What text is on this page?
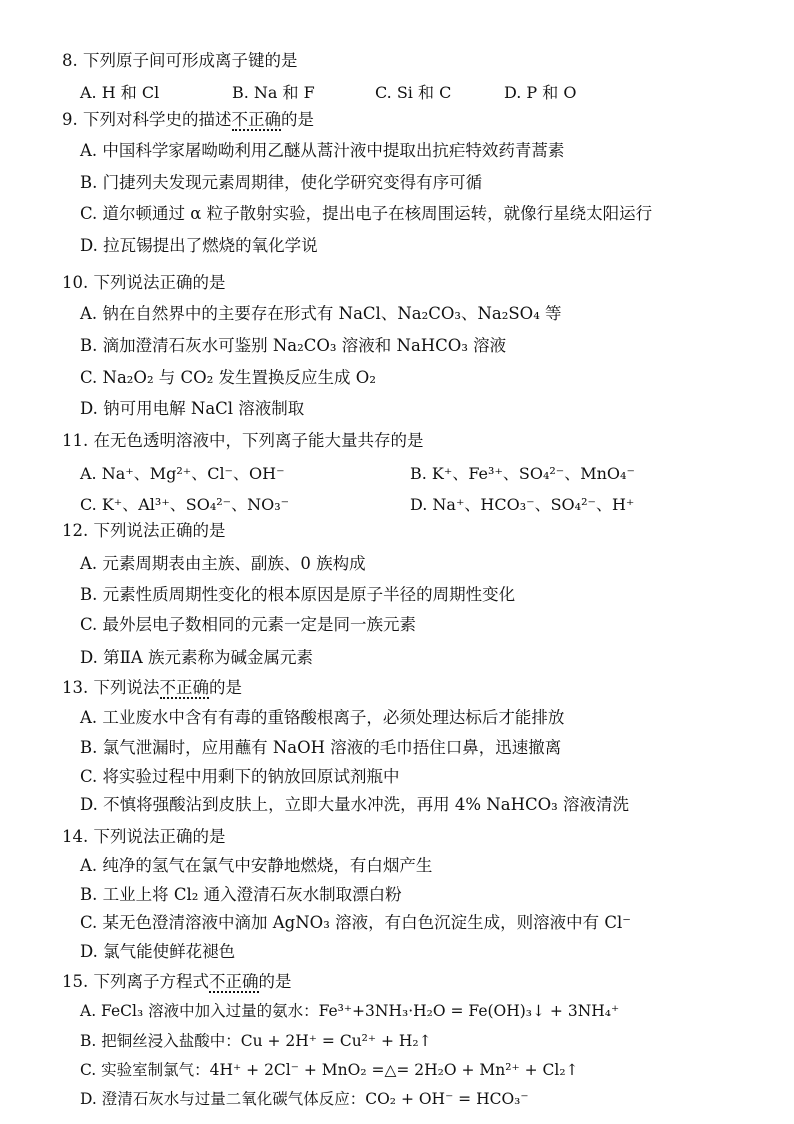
8. 下列原子间可形成离子键的是
A. H 和 Cl	B. Na 和 F	C. Si 和 C	D. P 和 O
9. 下列对科学史的描述不正确的是
A. 中国科学家屠呦呦利用乙醚从蒿汁液中提取出抗疟特效药青蒿素
B. 门捷列夫发现元素周期律，使化学研究变得有序可循
C. 道尔顿通过 α 粒子散射实验，提出电子在核周围运转，就像行星绕太阳运行
D. 拉瓦锡提出了燃烧的氧化学说
10. 下列说法正确的是
A. 钠在自然界中的主要存在形式有 NaCl、Na₂CO₃、Na₂SO₄ 等
B. 滴加澄清石灰水可鉴别 Na₂CO₃ 溶液和 NaHCO₃ 溶液
C. Na₂O₂ 与 CO₂ 发生置换反应生成 O₂
D. 钠可用电解 NaCl 溶液制取
11. 在无色透明溶液中，下列离子能大量共存的是
A. Na⁺、Mg²⁺、Cl⁻、OH⁻	B. K⁺、Fe³⁺、SO₄²⁻、MnO₄⁻
C. K⁺、Al³⁺、SO₄²⁻、NO₃⁻	D. Na⁺、HCO₃⁻、SO₄²⁻、H⁺
12. 下列说法正确的是
A. 元素周期表由主族、副族、0 族构成
B. 元素性质周期性变化的根本原因是原子半径的周期性变化
C. 最外层电子数相同的元素一定是同一族元素
D. 第ⅡA 族元素称为碱金属元素
13. 下列说法不正确的是
A. 工业废水中含有有毒的重铬酸根离子，必须处理达标后才能排放
B. 氯气泄漏时，应用蘸有 NaOH 溶液的毛巾捂住口鼻，迅速撤离
C. 将实验过程中用剩下的钠放回原试剂瓶中
D. 不慎将强酸沾到皮肤上，立即大量水冲洗，再用 4% NaHCO₃ 溶液清洗
14. 下列说法正确的是
A. 纯净的氢气在氯气中安静地燃烧，有白烟产生
B. 工业上将 Cl₂ 通入澄清石灰水制取漂白粉
C. 某无色澄清溶液中滴加 AgNO₃ 溶液，有白色沉淀生成，则溶液中有 Cl⁻
D. 氯气能使鲜花褪色
15. 下列离子方程式不正确的是
A. FeCl₃ 溶液中加入过量的氨水：Fe³⁺+3NH₃·H₂O = Fe(OH)₃↓ + 3NH₄⁺
B. 把铜丝浸入盐酸中：Cu + 2H⁺ = Cu²⁺ + H₂↑
C. 实验室制氯气：4H⁺ + 2Cl⁻ + MnO₂ =△= 2H₂O + Mn²⁺ + Cl₂↑
D. 澄清石灰水与过量二氧化碳气体反应：CO₂ + OH⁻ = HCO₃⁻
